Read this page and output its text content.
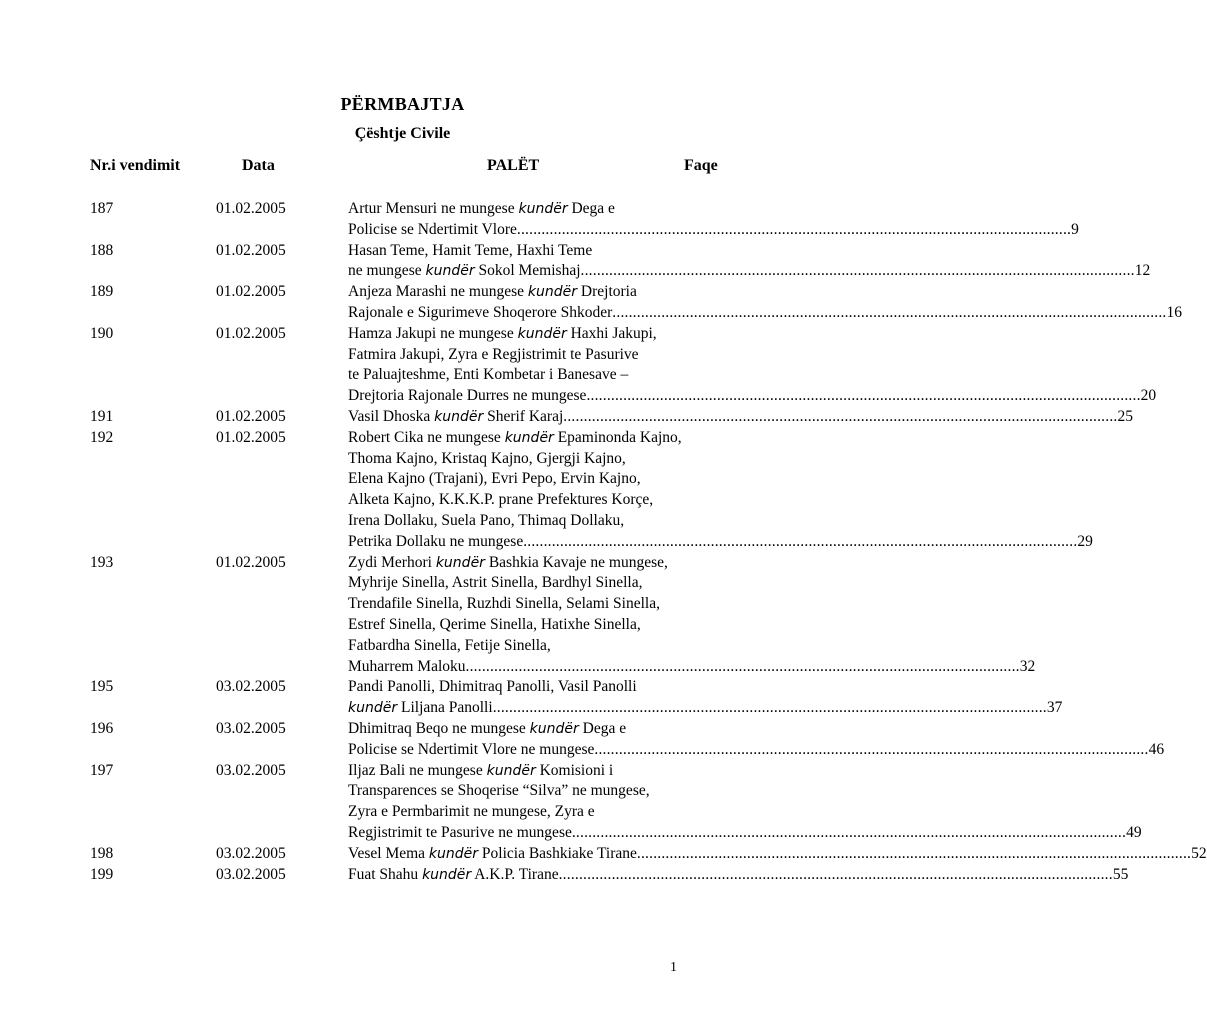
PËRMBAJTJA
Çështje Civile
Nr.i vendimit	Data	PALËT	Faqe
187	01.02.2005	Artur Mensuri ne mungese kundër Dega e
Policise se Ndertimit Vlore ........................................................................................................................................ 9
188	01.02.2005	Hasan Teme, Hamit Teme, Haxhi Teme
ne mungese kundër Sokol Memishaj ........................................................................................................................................ 12
189	01.02.2005	Anjeza Marashi ne mungese kundër Drejtoria
Rajonale e Sigurimeve Shoqerore Shkoder ........................................................................................................................................ 16
190	01.02.2005	Hamza Jakupi ne mungese kundër Haxhi Jakupi,
Fatmira Jakupi, Zyra e Regjistrimit te Pasurive
te Paluajteshme, Enti Kombetar i Banesave –
Drejtoria Rajonale Durres ne mungese ........................................................................................................................................ 20
191	01.02.2005	Vasil Dhoska kundër Sherif Karaj ........................................................................................................................................ 25
192	01.02.2005	Robert Cika ne mungese kundër Epaminonda Kajno,
Thoma Kajno, Kristaq Kajno, Gjergji Kajno,
Elena Kajno (Trajani), Evri Pepo, Ervin Kajno,
Alketa Kajno, K.K.K.P. prane Prefektures Korçe,
Irena Dollaku, Suela Pano, Thimaq Dollaku,
Petrika Dollaku ne mungese ........................................................................................................................................ 29
193	01.02.2005	Zydi Merhori kundër Bashkia Kavaje ne mungese,
Myhrije Sinella, Astrit Sinella, Bardhyl Sinella,
Trendafile Sinella, Ruzhdi Sinella, Selami Sinella,
Estref Sinella, Qerime Sinella, Hatixhe Sinella,
Fatbardha Sinella, Fetije Sinella,
Muharrem Maloku ........................................................................................................................................ 32
195	03.02.2005	Pandi Panolli, Dhimitraq Panolli, Vasil Panolli
kundër Liljana Panolli ........................................................................................................................................ 37
196	03.02.2005	Dhimitraq Beqo ne mungese kundër Dega e
Policise se Ndertimit Vlore ne mungese ........................................................................................................................................ 46
197	03.02.2005	Iljaz Bali ne mungese kundër Komisioni i
Transparences se Shoqerise “Silva” ne mungese,
Zyra e Permbarimit ne mungese, Zyra e
Regjistrimit te Pasurive ne mungese ........................................................................................................................................ 49
198	03.02.2005	Vesel Mema kundër Policia Bashkiake Tirane ........................................................................................................................................ 52
199	03.02.2005	Fuat Shahu kundër A.K.P. Tirane ........................................................................................................................................ 55
1
